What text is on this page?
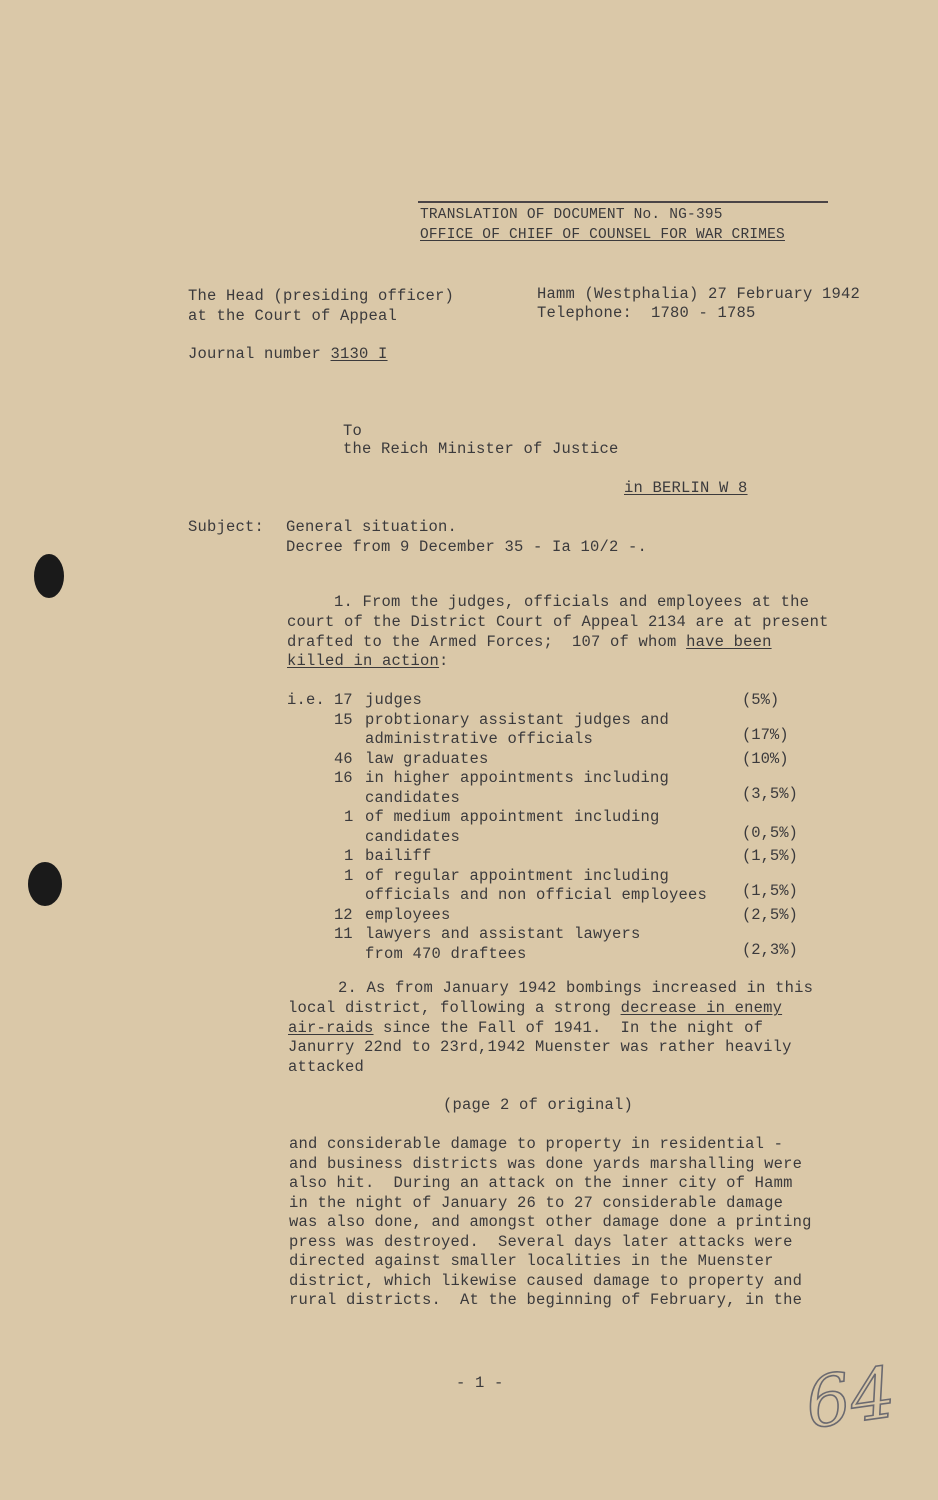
TRANSLATION OF DOCUMENT No. NG-395
OFFICE OF CHIEF OF COUNSEL FOR WAR CRIMES
The Head (presiding officer)
at the Court of Appeal
Journal number 3130 I
Hamm (Westphalia) 27 February 1942
Telephone:  1780 - 1785
To
the Reich Minister of Justice
in BERLIN W 8
Subject: General situation.
Decree from 9 December 35 - Ia 10/2 -.
1. From the judges, officials and employees at the
court of the District Court of Appeal 2134 are at present
drafted to the Armed Forces;  107 of whom have been
killed in action:
i.e. 17 judges	(5%)
15 probtionary assistant judges and
administrative officials	(17%)
46 law graduates	(10%)
16 in higher appointments including
candidates	(3,5%)
1 of medium appointment including
candidates	(0,5%)
1 bailiff	(1,5%)
1 of regular appointment including
officials and non official employees (1,5%)
12 employees	(2,5%)
11 lawyers and assistant lawyers
from 470 draftees	(2,3%)
2. As from January 1942 bombings increased in this
local district, following a strong decrease in enemy
air-raids since the Fall of 1941.  In the night of
Janurry 22nd to 23rd,1942 Muenster was rather heavily
attacked
(page 2 of original)
and considerable damage to property in residential -
and business districts was done yards marshalling were
also hit.  During an attack on the inner city of Hamm
in the night of January 26 to 27 considerable damage
was also done, and amongst other damage done a printing
press was destroyed.  Several days later attacks were
directed against smaller localities in the Muenster
district, which likewise caused damage to property and
rural districts.  At the beginning of February, in the
- 1 -	64
